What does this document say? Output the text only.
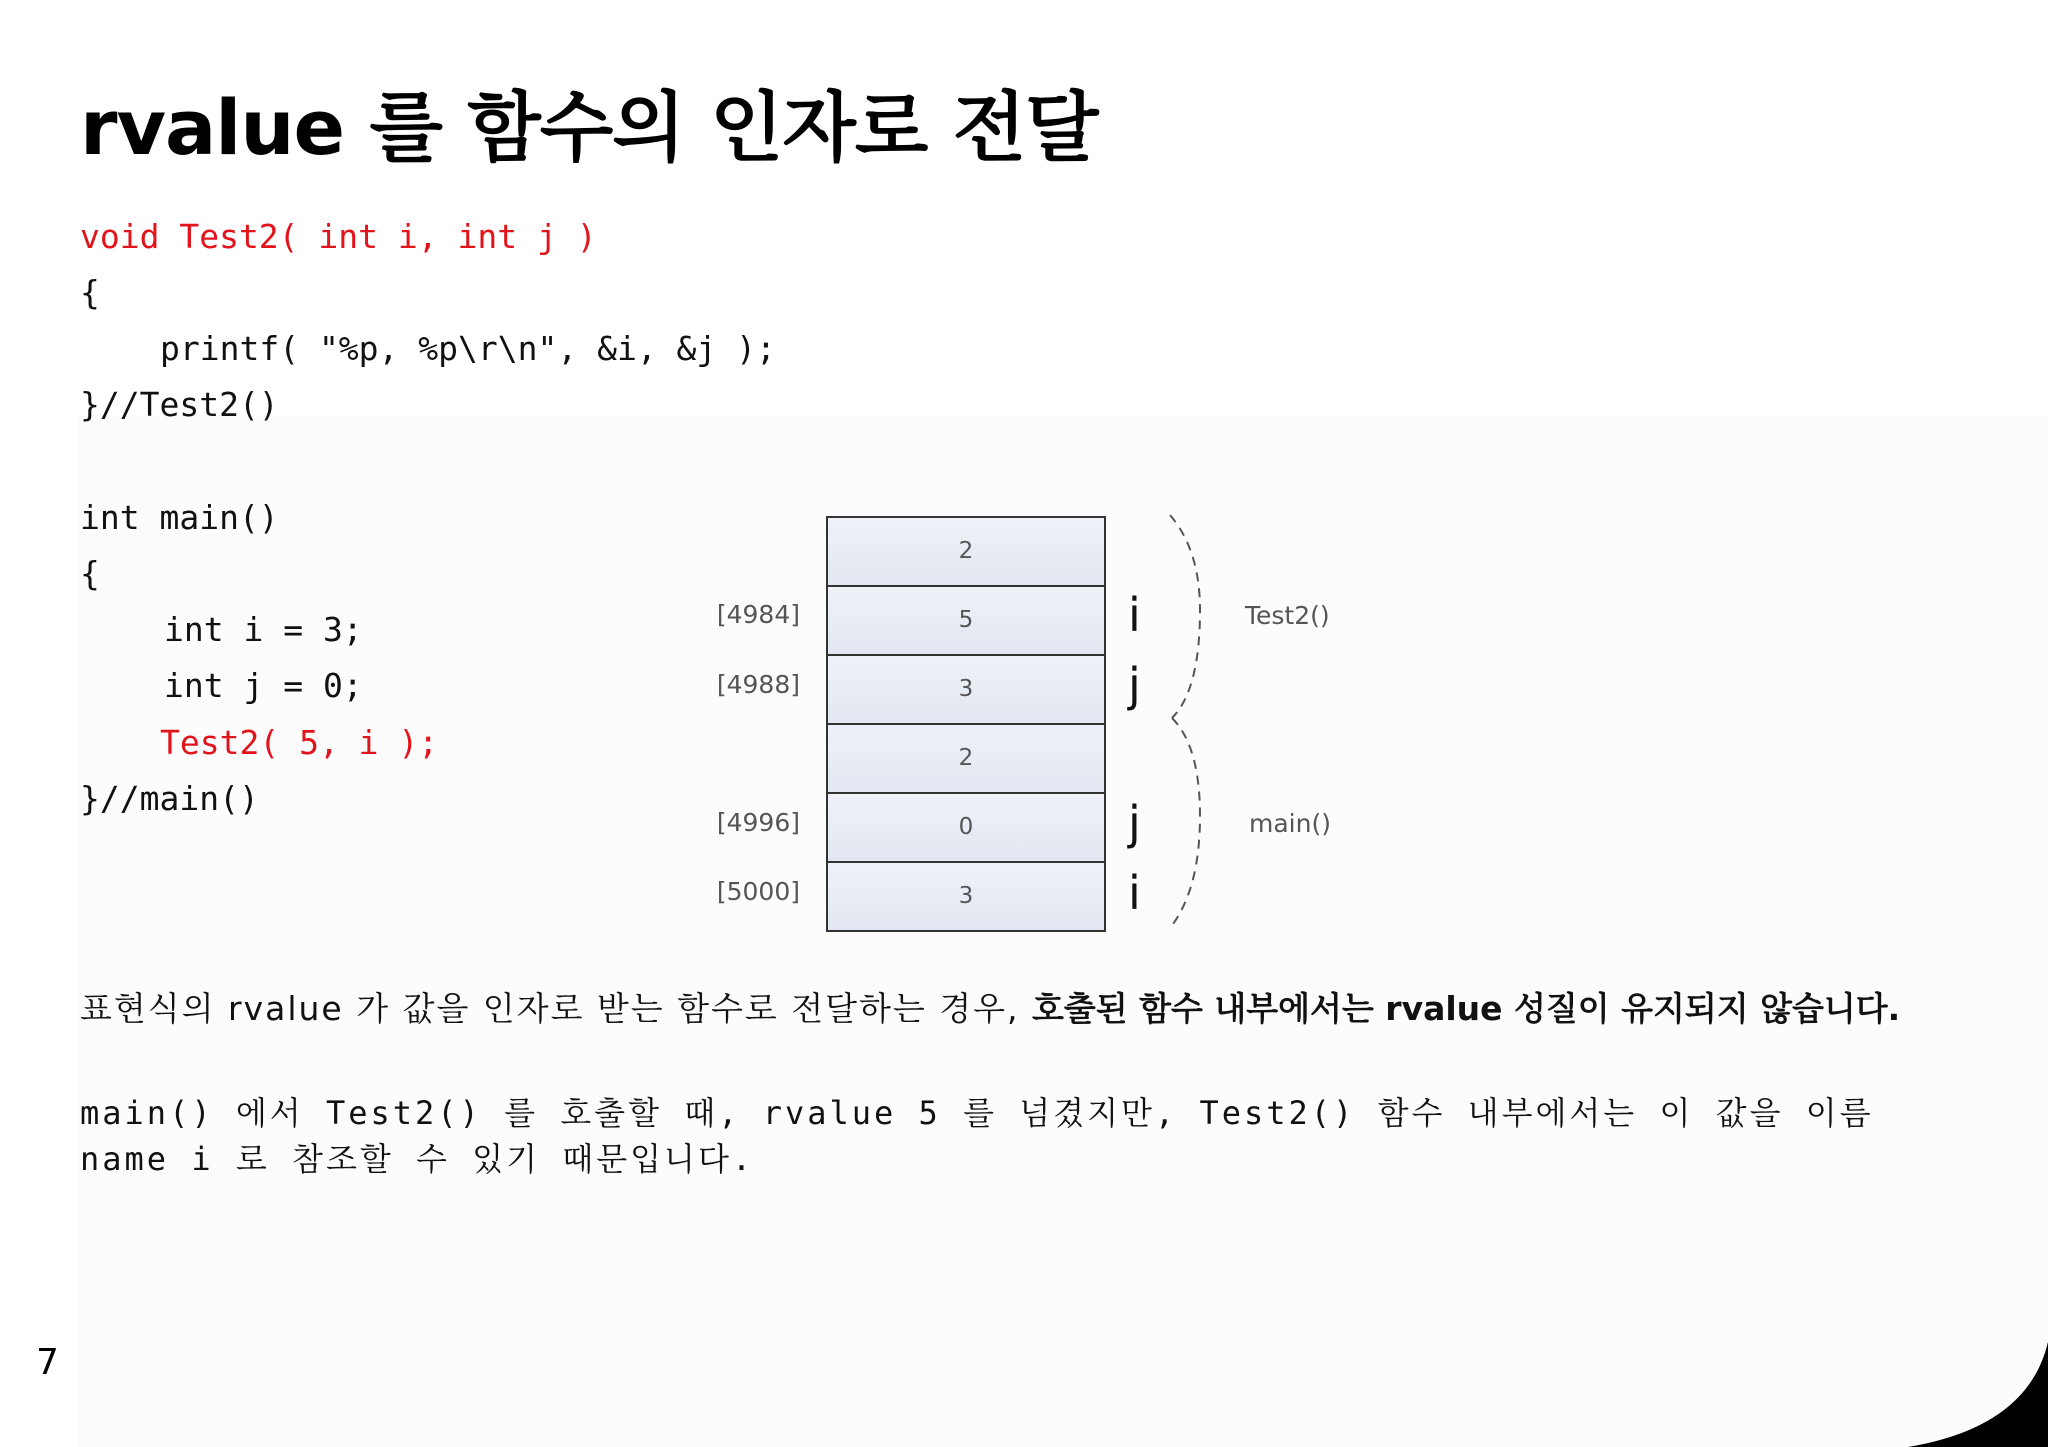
rvalue 를 함수의 인자로 전달
void Test2( int i, int j )
{
printf( "%p, %p\r\n", &i, &j );
}//Test2()
int main()
{
int i = 3;
int j = 0;
Test2( 5, i );
}//main()
2
5
3
2
0
3
[4984]
[4988]
[4996]
[5000]
i
j
j
i
Test2()
main()
표현식의 rvalue 가 값을 인자로 받는 함수로 전달하는 경우, 호출된 함수 내부에서는 rvalue 성질이 유지되지 않습니다.
main() 에서 Test2() 를 호출할 때, rvalue 5 를 넘겼지만, Test2() 함수 내부에서는 이 값을 이름
name i 로 참조할 수 있기 때문입니다.
7
